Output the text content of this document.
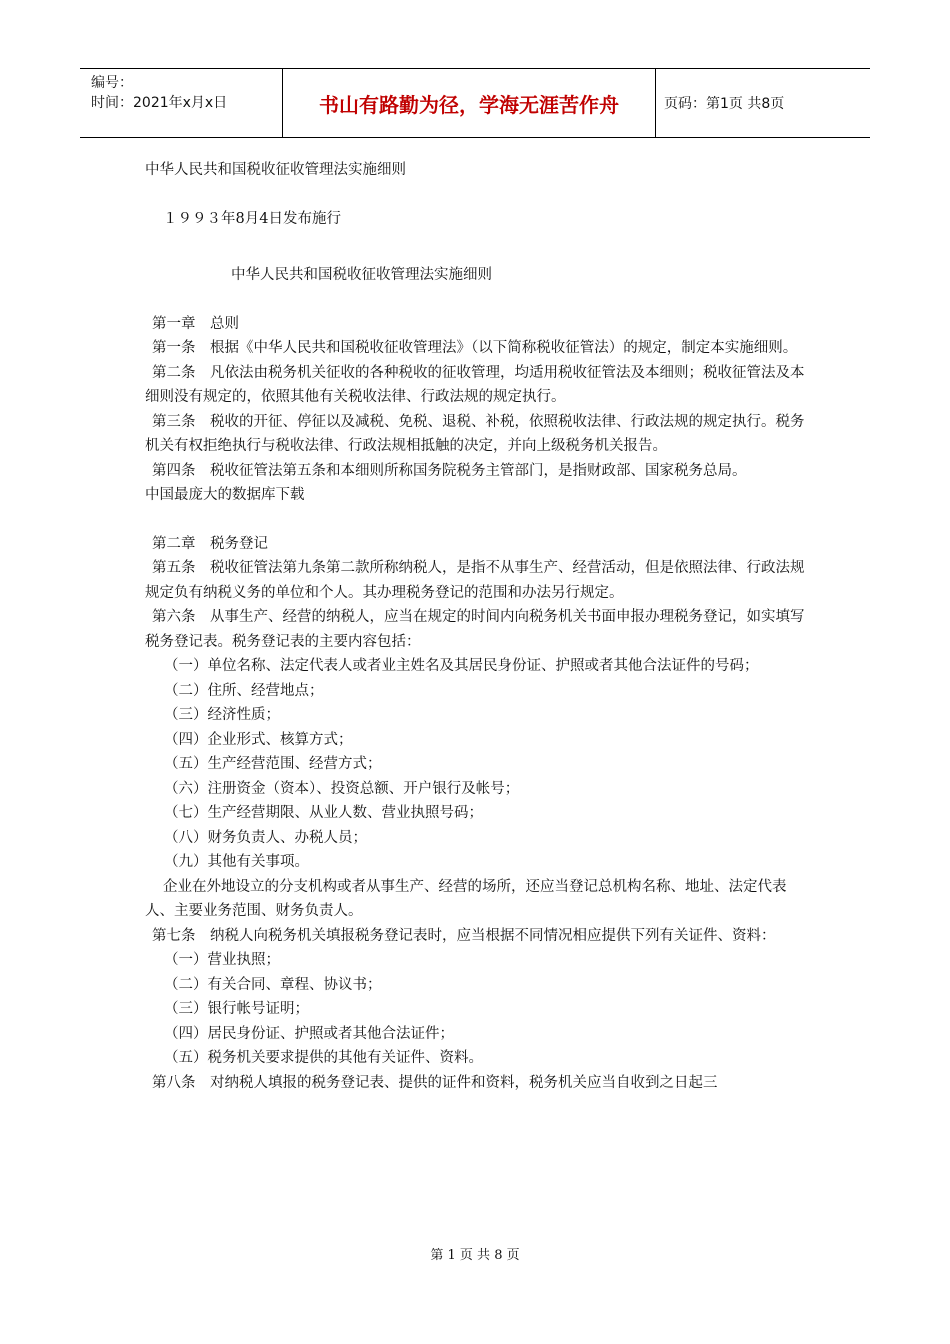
编号：
时间：2021年x月x日	书山有路勤为径，学海无涯苦作舟	页码：第1页 共8页

中华人民共和国税收征收管理法实施细则

１９９３年8月4日发布施行

中华人民共和国税收征收管理法实施细则

第一章　总则

第一条　根据《中华人民共和国税收征收管理法》（以下简称税收征管法）的规定，制定本实施细则。

第二条　凡依法由税务机关征收的各种税收的征收管理，均适用税收征管法及本细则；税收征管法及本细则没有规定的，依照其他有关税收法律、行政法规的规定执行。

第三条　税收的开征、停征以及减税、免税、退税、补税，依照税收法律、行政法规的规定执行。税务机关有权拒绝执行与税收法律、行政法规相抵触的决定，并向上级税务机关报告。

第四条　税收征管法第五条和本细则所称国务院税务主管部门，是指财政部、国家税务总局。

中国最庞大的数据库下载

第二章　税务登记

第五条　税收征管法第九条第二款所称纳税人，是指不从事生产、经营活动，但是依照法律、行政法规规定负有纳税义务的单位和个人。其办理税务登记的范围和办法另行规定。

第六条　从事生产、经营的纳税人，应当在规定的时间内向税务机关书面申报办理税务登记，如实填写税务登记表。税务登记表的主要内容包括：

（一）单位名称、法定代表人或者业主姓名及其居民身份证、护照或者其他合法证件的号码；

（二）住所、经营地点；

（三）经济性质；

（四）企业形式、核算方式；

（五）生产经营范围、经营方式；

（六）注册资金（资本）、投资总额、开户银行及帐号；

（七）生产经营期限、从业人数、营业执照号码；

（八）财务负责人、办税人员；

（九）其他有关事项。

企业在外地设立的分支机构或者从事生产、经营的场所，还应当登记总机构名称、地址、法定代表人、主要业务范围、财务负责人。

第七条　纳税人向税务机关填报税务登记表时，应当根据不同情况相应提供下列有关证件、资料：

（一）营业执照；

（二）有关合同、章程、协议书；

（三）银行帐号证明；

（四）居民身份证、护照或者其他合法证件；

（五）税务机关要求提供的其他有关证件、资料。

第八条　对纳税人填报的税务登记表、提供的证件和资料，税务机关应当自收到之日起三

第 1 页 共 8 页
